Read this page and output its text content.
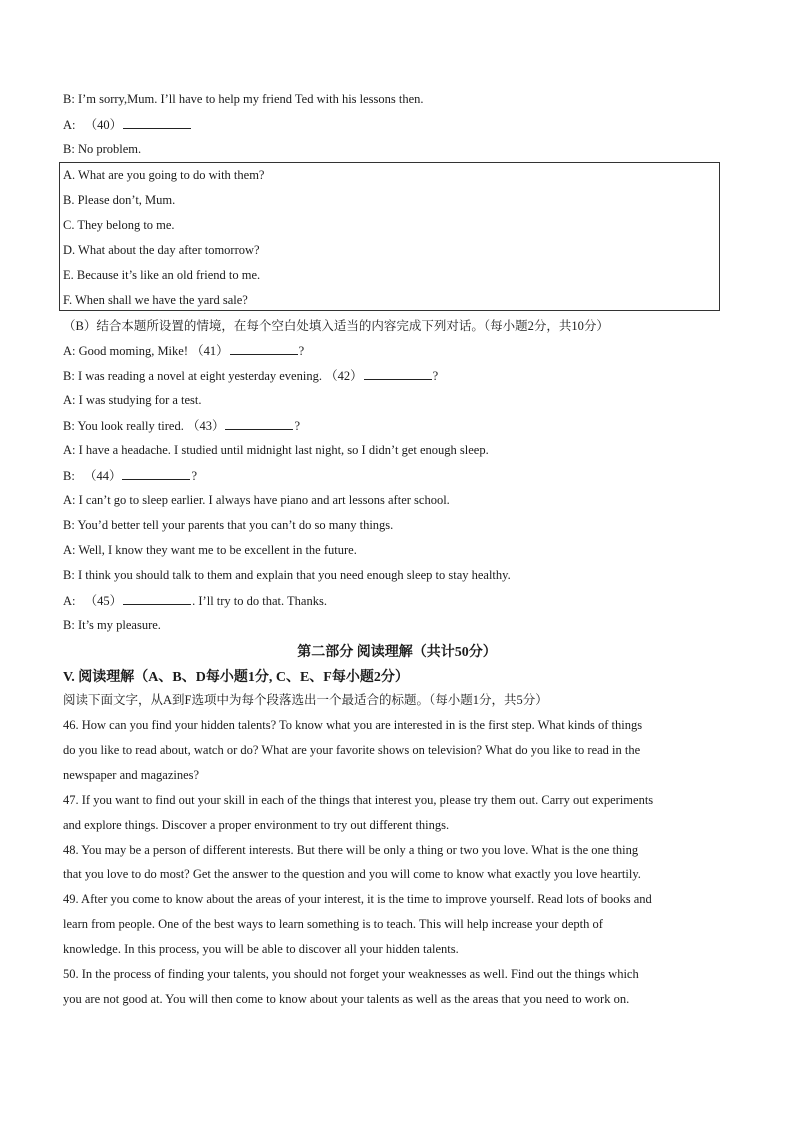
B: I’m sorry,Mum. I’ll have to help my friend Ted with his lessons then.
A: （40）
B: No problem.
A. What are you going to do with them?
B. Please don’t, Mum.
C. They belong to me.
D. What about the day after tomorrow?
E. Because it’s like an old friend to me.
F. When shall we have the yard sale?
（B）结合本题所设置的情境，在每个空白处填入适当的内容完成下列对话。（每小题2分，共10分）
A: Good moming, Mike! （41）	?
B: I was reading a novel at eight yesterday evening. （42）	?
A: I was studying for a test.
B: You look really tired. （43）	?
A: I have a headache. I studied until midnight last night, so I didn’t get enough sleep.
B: （44）	?
A: I can’t go to sleep earlier. I always have piano and art lessons after school.
B: You’d better tell your parents that you can’t do so many things.
A: Well, I know they want me to be excellent in the future.
B: I think you should talk to them and explain that you need enough sleep to stay healthy.
A: （45）	. I’ll try to do that. Thanks.
B: It’s my pleasure.
第二部分 阅读理解（共计50分）
V. 阅读理解（A、B、D每小题1分, C、E、F每小题2分）
阅读下面文字，从A到F选项中为每个段落选出一个最适合的标题。（每小题1分，共5分）
46. How can you find your hidden talents? To know what you are interested in is the first step. What kinds of things
do you like to read about, watch or do? What are your favorite shows on television? What do you like to read in the
newspaper and magazines?
47. If you want to find out your skill in each of the things that interest you, please try them out. Carry out experiments
and explore things. Discover a proper environment to try out different things.
48. You may be a person of different interests. But there will be only a thing or two you love. What is the one thing
that you love to do most? Get the answer to the question and you will come to know what exactly you love heartily.
49. After you come to know about the areas of your interest, it is the time to improve yourself. Read lots of books and
learn from people. One of the best ways to learn something is to teach. This will help increase your depth of
knowledge. In this process, you will be able to discover all your hidden talents.
50. In the process of finding your talents, you should not forget your weaknesses as well. Find out the things which
you are not good at. You will then come to know about your talents as well as the areas that you need to work on.
